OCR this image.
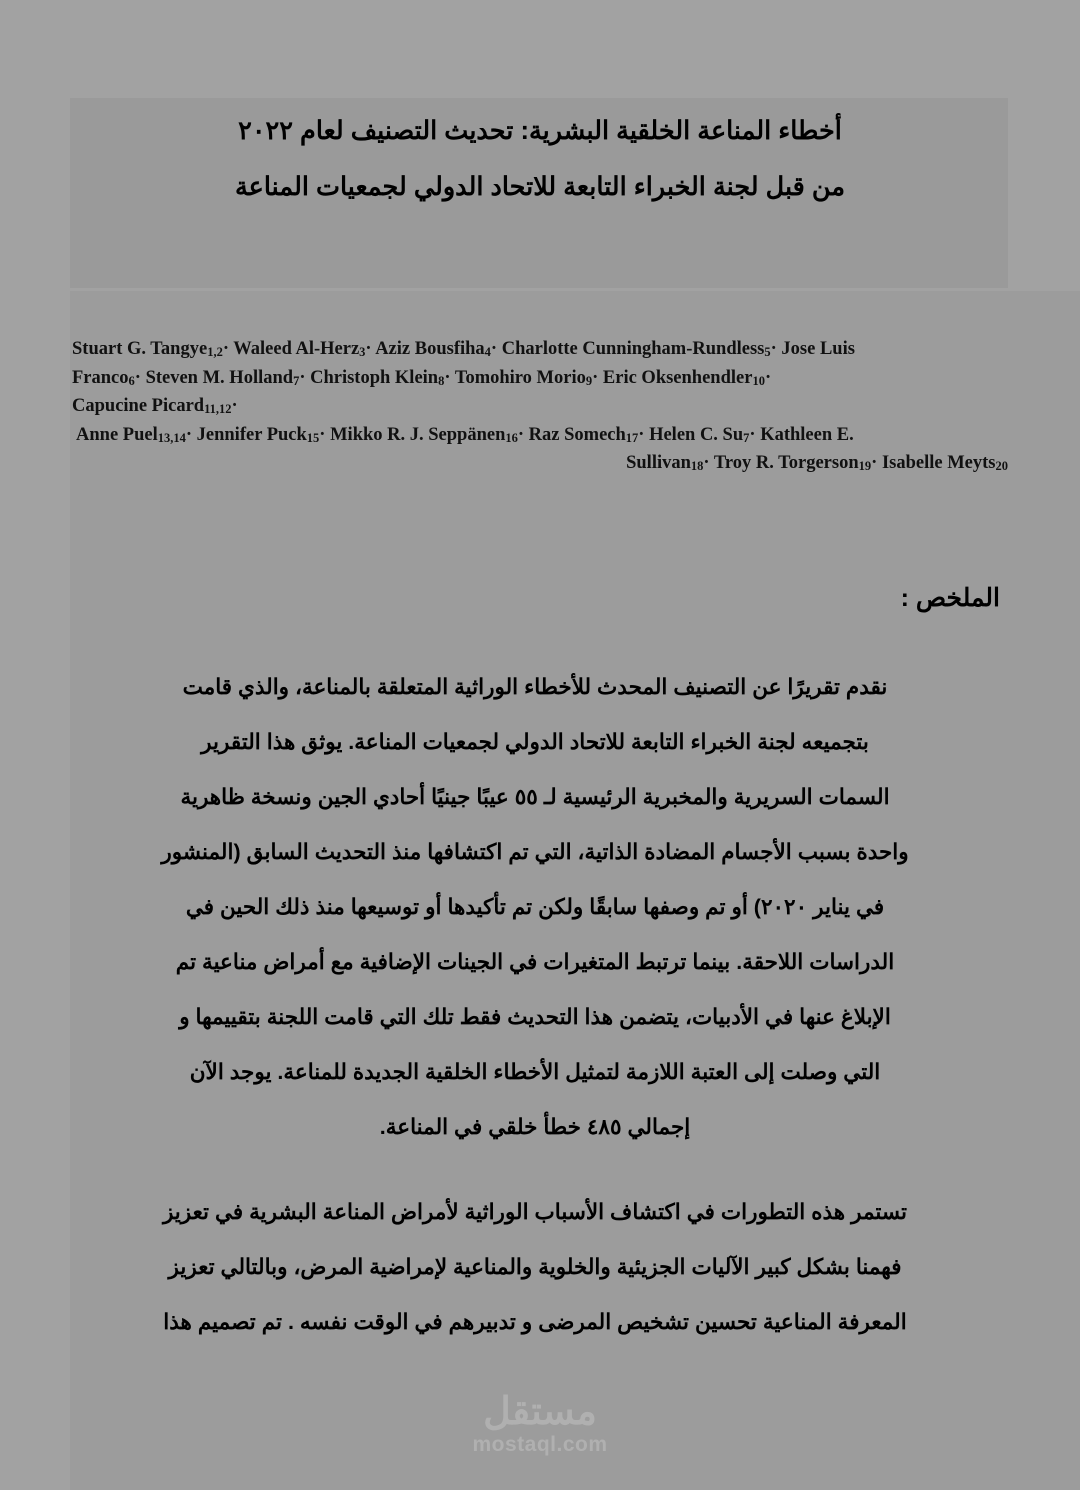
أخطاء المناعة الخلقية البشرية: تحديث التصنيف لعام ٢٠٢٢
من قبل لجنة الخبراء التابعة للاتحاد الدولي لجمعيات المناعة
Stuart G. Tangye$_{1,2}$· Waleed Al-Herz$_3$· Aziz Bousfiha$_4$· Charlotte Cunningham-Rundless$_5$· Jose Luis
Franco$_6$· Steven M. Holland$_7$· Christoph Klein$_8$· Tomohiro Morio$_9$· Eric Oksenhendler$_{10}$·
Capucine Picard$_{11,12}$·
Anne Puel$_{13,14}$· Jennifer Puck$_{15}$· Mikko R. J. Seppänen$_{16}$· Raz Somech$_{17}$· Helen C. $Su_7\cdot$ Kathleen E.
Sullivan$_{18}$· Troy R. Torgerson$_{19}$· Isabelle Meyts$_{20}$
الملخص :
نقدم تقريرًا عن التصنيف المحدث للأخطاء الوراثية المتعلقة بالمناعة، والذي قامت
بتجميعه لجنة الخبراء التابعة للاتحاد الدولي لجمعيات المناعة. يوثق هذا التقرير
السمات السريرية والمخبرية الرئيسية لـ ٥٥ عيبًا جينيًا أحادي الجين ونسخة ظاهرية
واحدة بسبب الأجسام المضادة الذاتية، التي تم اكتشافها منذ التحديث السابق (المنشور
في يناير ٢٠٢٠) أو تم وصفها سابقًا ولكن تم تأكيدها أو توسيعها منذ ذلك الحين في
الدراسات اللاحقة. بينما ترتبط المتغيرات في الجينات الإضافية مع أمراض مناعية تم
الإبلاغ عنها في الأدبيات، يتضمن هذا التحديث فقط تلك التي قامت اللجنة بتقييمها و
التي وصلت إلى العتبة اللازمة لتمثيل الأخطاء الخلقية الجديدة للمناعة. يوجد الآن
إجمالي ٤٨٥ خطأ خلقي في المناعة.
تستمر هذه التطورات في اكتشاف الأسباب الوراثية لأمراض المناعة البشرية في تعزيز
فهمنا بشكل كبير الآليات الجزيئية والخلوية والمناعية لإمراضية المرض، وبالتالي تعزيز
المعرفة المناعية تحسين تشخيص المرضى و تدبيرهم في الوقت نفسه . تم تصميم هذا
مستقل
mostaql.com
